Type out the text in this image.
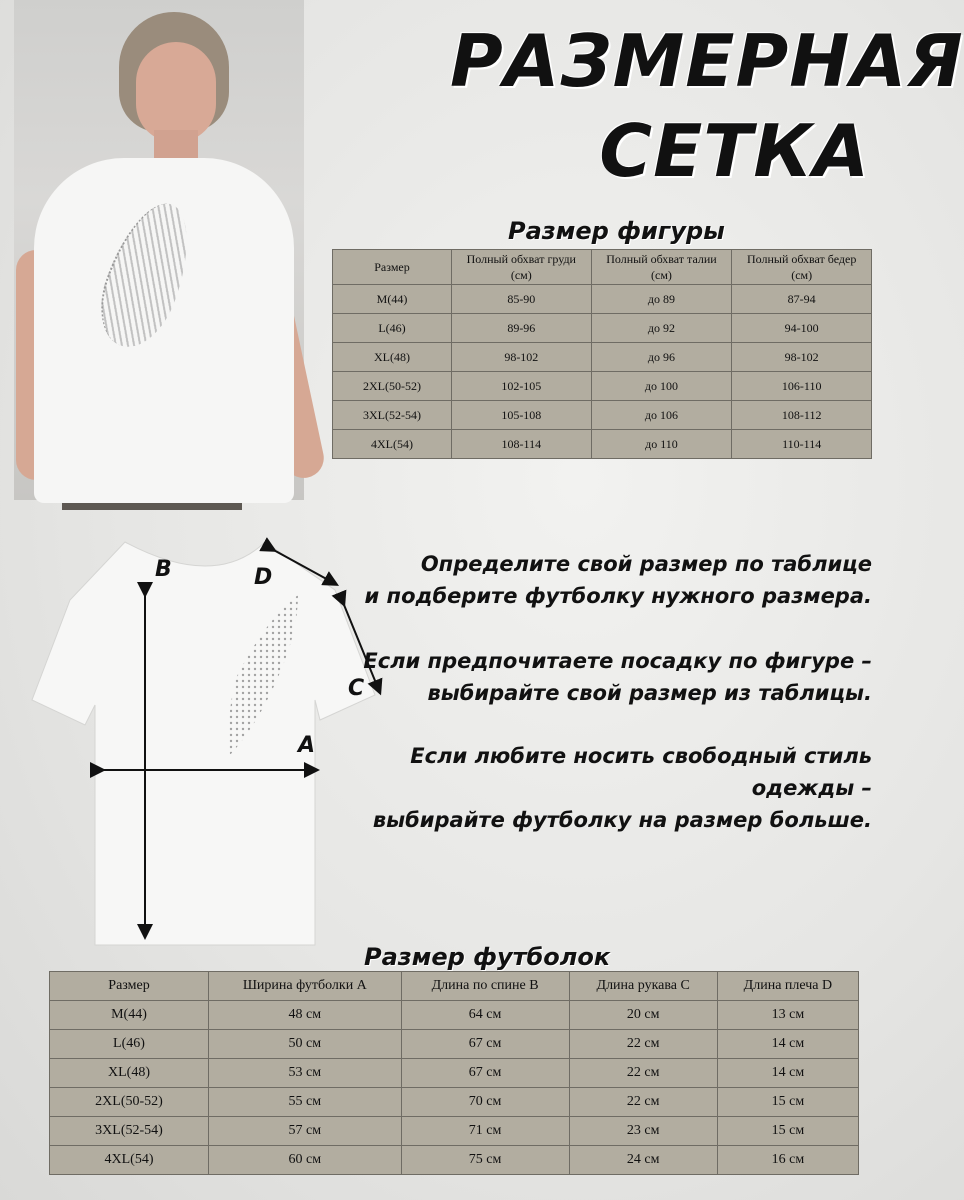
РАЗМЕРНАЯ
СЕТКА
Размер фигуры
Размер	Полный обхват груди (см)	Полный обхват талии (см)	Полный обхват бедер (см)
M(44)	85-90	до 89	87-94
L(46)	89-96	до 92	94-100
XL(48)	98-102	до 96	98-102
2XL(50-52)	102-105	до 100	106-110
3XL(52-54)	105-108	до 106	108-112
4XL(54)	108-114	до 110	110-114
B	D
C
A
Определите свой размер по таблице
и подберите футболку нужного размера.
Если предпочитаете посадку по фигуре –
выбирайте свой размер из таблицы.
Если любите носить свободный стиль одежды –
выбирайте футболку на размер больше.
Размер футболок
Размер	Ширина футболки A	Длина по спине B	Длина рукава C	Длина плеча D
M(44)	48 см	64 см	20 см	13 см
L(46)	50 см	67 см	22 см	14 см
XL(48)	53 см	67 см	22 см	14 см
2XL(50-52)	55 см	70 см	22 см	15 см
3XL(52-54)	57 см	71 см	23 см	15 см
4XL(54)	60 см	75 см	24 см	16 см
